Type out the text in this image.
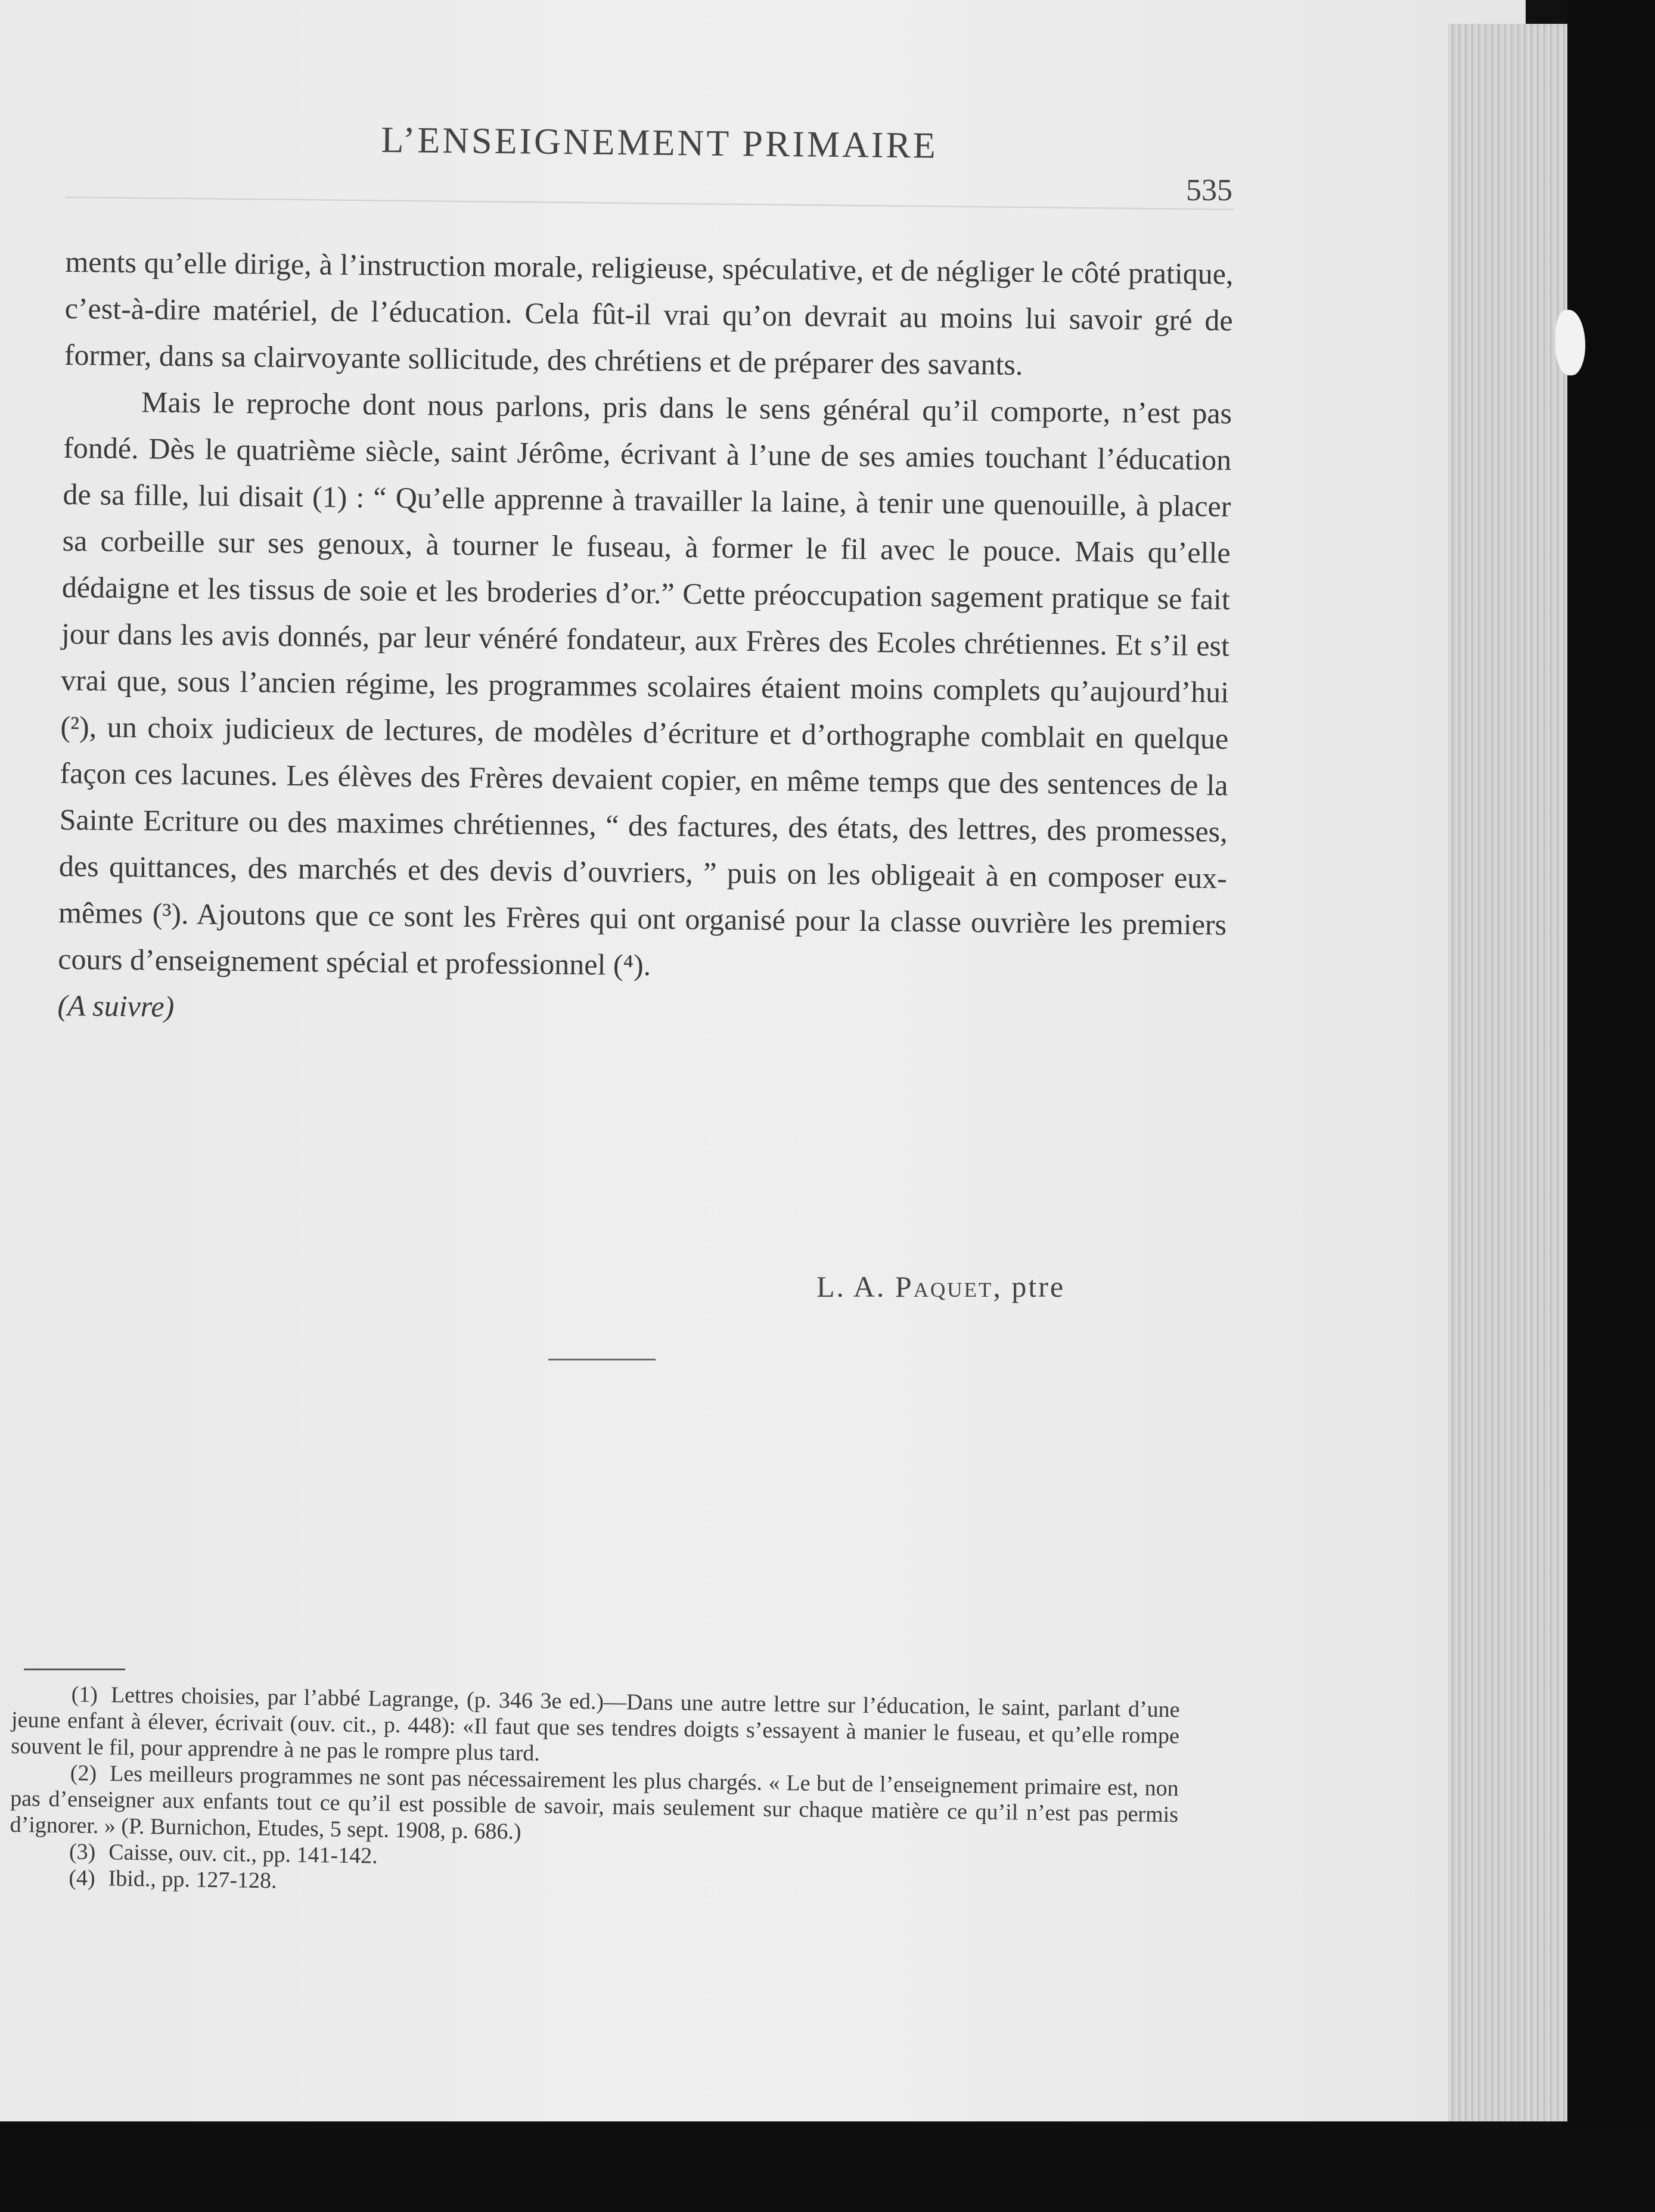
L’ENSEIGNEMENT PRIMAIRE
535

ments qu’elle dirige, à l’instruction morale, religieuse, spéculative, et de négliger le côté pratique, c’est-à-dire matériel, de l’éducation. Cela fût-il vrai qu’on devrait au moins lui savoir gré de former, dans sa clairvoyante sollicitude, des chrétiens et de préparer des savants.

Mais le reproche dont nous parlons, pris dans le sens général qu’il comporte, n’est pas fondé. Dès le quatrième siècle, saint Jérôme, écrivant à l’une de ses amies touchant l’éducation de sa fille, lui disait (1) : “ Qu’elle apprenne à travailler la laine, à tenir une quenouille, à placer sa corbeille sur ses genoux, à tourner le fuseau, à former le fil avec le pouce. Mais qu’elle dédaigne et les tissus de soie et les broderies d’or.” Cette préoccupation sagement pratique se fait jour dans les avis donnés, par leur vénéré fondateur, aux Frères des Ecoles chrétiennes. Et s’il est vrai que, sous l’ancien régime, les programmes scolaires étaient moins complets qu’aujourd’hui (²), un choix judicieux de lectures, de modèles d’écriture et d’orthographe comblait en quelque façon ces lacunes. Les élèves des Frères devaient copier, en même temps que des sentences de la Sainte Ecriture ou des maximes chrétiennes, “ des factures, des états, des lettres, des promesses, des quittances, des marchés et des devis d’ouvriers, ” puis on les obligeait à en composer eux-mêmes (³). Ajoutons que ce sont les Frères qui ont organisé pour la classe ouvrière les premiers cours d’enseignement spécial et professionnel (⁴).

(A suivre)

L. A. Paquet, ptre

(1) Lettres choisies, par l’abbé Lagrange, (p. 346 3e ed.)—Dans une autre lettre sur l’éducation, le saint, parlant d’une jeune enfant à élever, écrivait (ouv. cit., p. 448): «Il faut que ses tendres doigts s’essayent à manier le fuseau, et qu’elle rompe souvent le fil, pour apprendre à ne pas le rompre plus tard.

(2) Les meilleurs programmes ne sont pas nécessairement les plus chargés. « Le but de l’enseignement primaire est, non pas d’enseigner aux enfants tout ce qu’il est possible de savoir, mais seulement sur chaque matière ce qu’il n’est pas permis d’ignorer. » (P. Burnichon, Etudes, 5 sept. 1908, p. 686.)

(3) Caisse, ouv. cit., pp. 141-142.

(4) Ibid., pp. 127-128.
